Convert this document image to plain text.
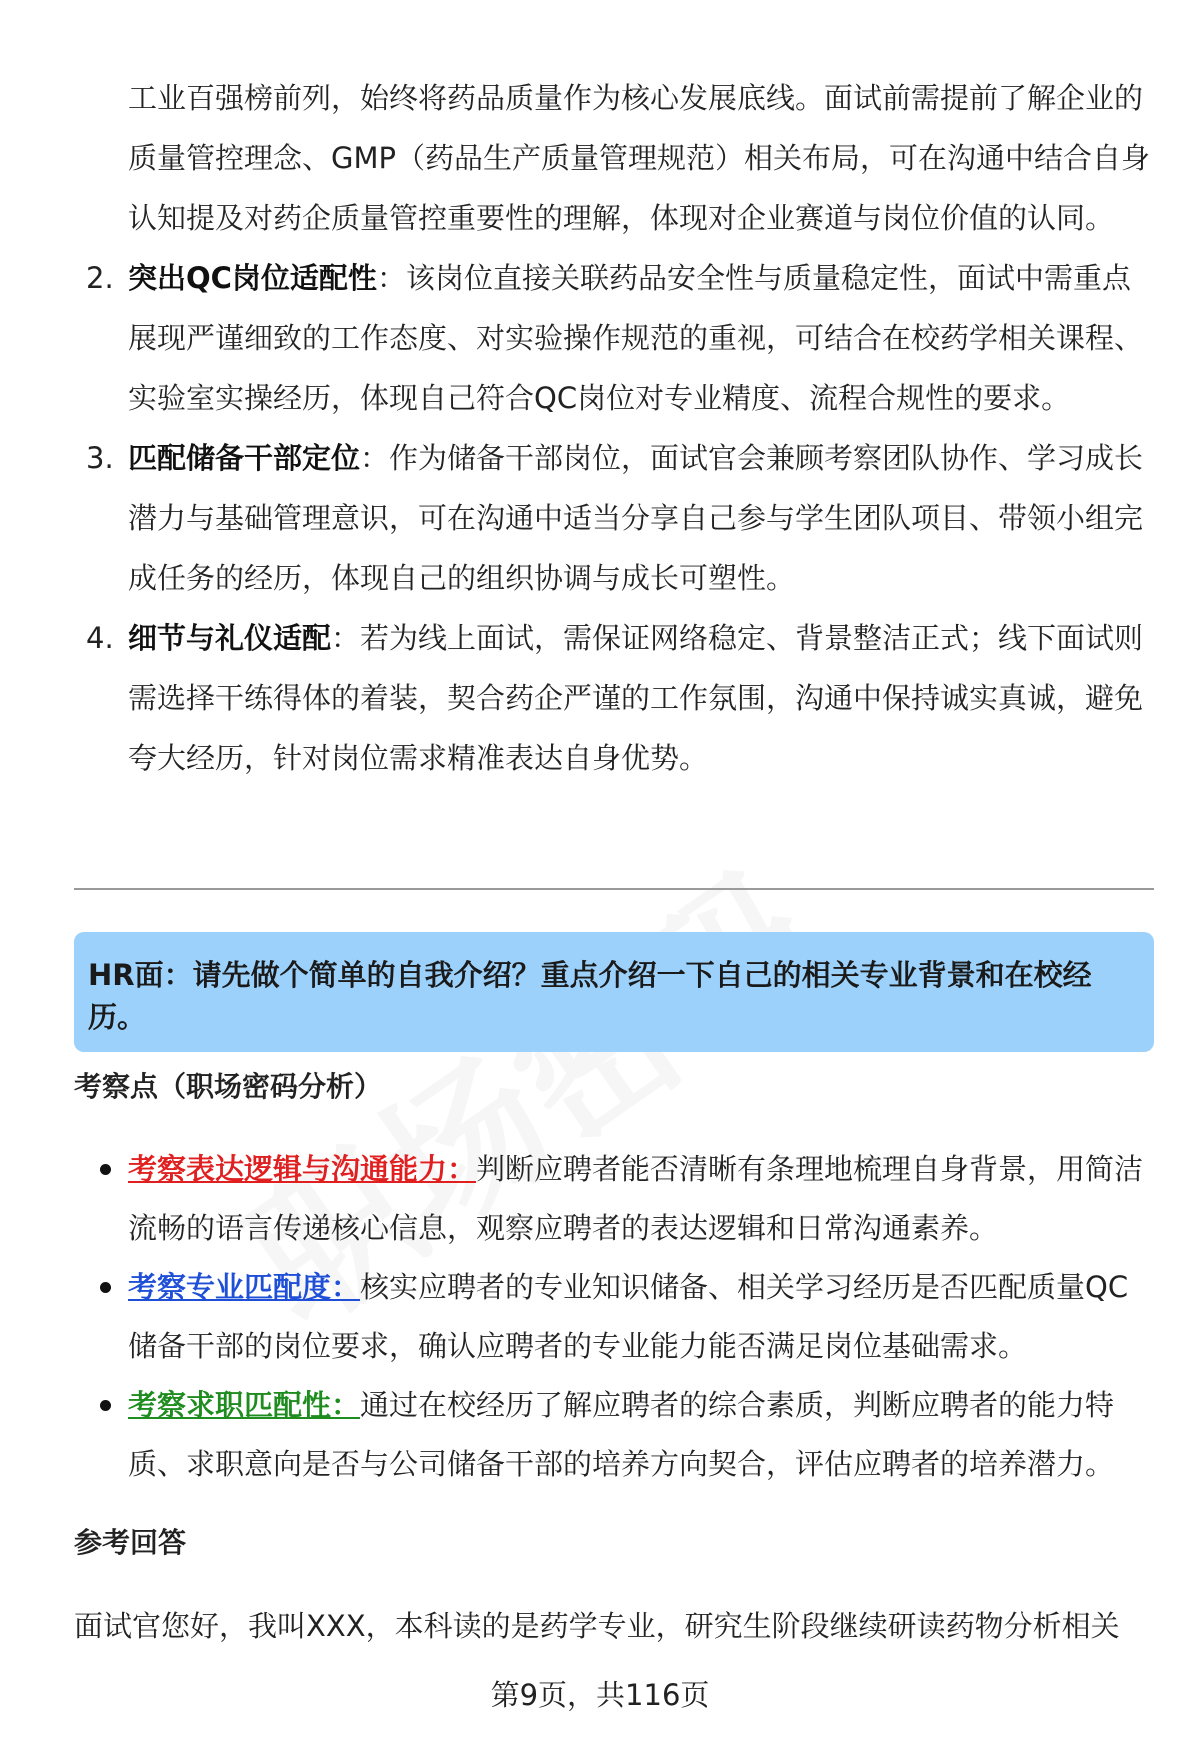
工业百强榜前列，始终将药品质量作为核心发展底线。面试前需提前了解企业的质量管控理念、GMP（药品生产质量管理规范）相关布局，可在沟通中结合自身认知提及对药企质量管控重要性的理解，体现对企业赛道与岗位价值的认同。
2. 突出QC岗位适配性：该岗位直接关联药品安全性与质量稳定性，面试中需重点展现严谨细致的工作态度、对实验操作规范的重视，可结合在校药学相关课程、实验室实操经历，体现自己符合QC岗位对专业精度、流程合规性的要求。
3. 匹配储备干部定位：作为储备干部岗位，面试官会兼顾考察团队协作、学习成长潜力与基础管理意识，可在沟通中适当分享自己参与学生团队项目、带领小组完成任务的经历，体现自己的组织协调与成长可塑性。
4. 细节与礼仪适配：若为线上面试，需保证网络稳定、背景整洁正式；线下面试则需选择干练得体的着装，契合药企严谨的工作氛围，沟通中保持诚实真诚，避免夸大经历，针对岗位需求精准表达自身优势。
HR面：请先做个简单的自我介绍？重点介绍一下自己的相关专业背景和在校经历。
考察点（职场密码分析）
考察表达逻辑与沟通能力：判断应聘者能否清晰有条理地梳理自身背景，用简洁流畅的语言传递核心信息，观察应聘者的表达逻辑和日常沟通素养。
考察专业匹配度：核实应聘者的专业知识储备、相关学习经历是否匹配质量QC储备干部的岗位要求，确认应聘者的专业能力能否满足岗位基础需求。
考察求职匹配性：通过在校经历了解应聘者的综合素质，判断应聘者的能力特质、求职意向是否与公司储备干部的培养方向契合，评估应聘者的培养潜力。
参考回答
面试官您好，我叫XXX，本科读的是药学专业，研究生阶段继续研读药物分析相关
第9页，共116页
